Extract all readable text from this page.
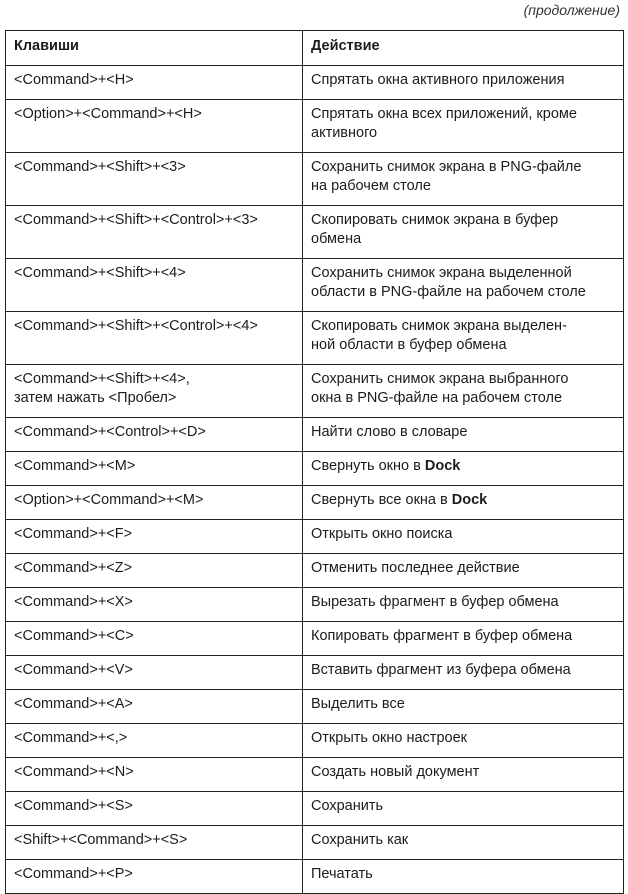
(продолжение)
Клавиши	Действие

<Command>+<H>	Спрятать окна активного приложения

<Option>+<Command>+<H>	Спрятать окна всех приложений, кроме
активного

<Command>+<Shift>+<3>	Сохранить снимок экрана в PNG-файле
на рабочем столе

<Command>+<Shift>+<Control>+<3>	Скопировать снимок экрана в буфер
обмена

<Command>+<Shift>+<4>	Сохранить снимок экрана выделенной
области в PNG-файле на рабочем столе

<Command>+<Shift>+<Control>+<4>	Скопировать снимок экрана выделен-
ной области в буфер обмена

<Command>+<Shift>+<4>,
затем нажать <Пробел>	Сохранить снимок экрана выбранного
окна в PNG-файле на рабочем столе

<Command>+<Control>+<D>	Найти слово в словаре

<Command>+<M>	Свернуть окно в Dock

<Option>+<Command>+<M>	Свернуть все окна в Dock

<Command>+<F>	Открыть окно поиска

<Command>+<Z>	Отменить последнее действие

<Command>+<X>	Вырезать фрагмент в буфер обмена

<Command>+<C>	Копировать фрагмент в буфер обмена

<Command>+<V>	Вставить фрагмент из буфера обмена

<Command>+<A>	Выделить все

<Command>+<,>	Открыть окно настроек

<Command>+<N>	Создать новый документ

<Command>+<S>	Сохранить

<Shift>+<Command>+<S>	Сохранить как

<Command>+<P>	Печатать
